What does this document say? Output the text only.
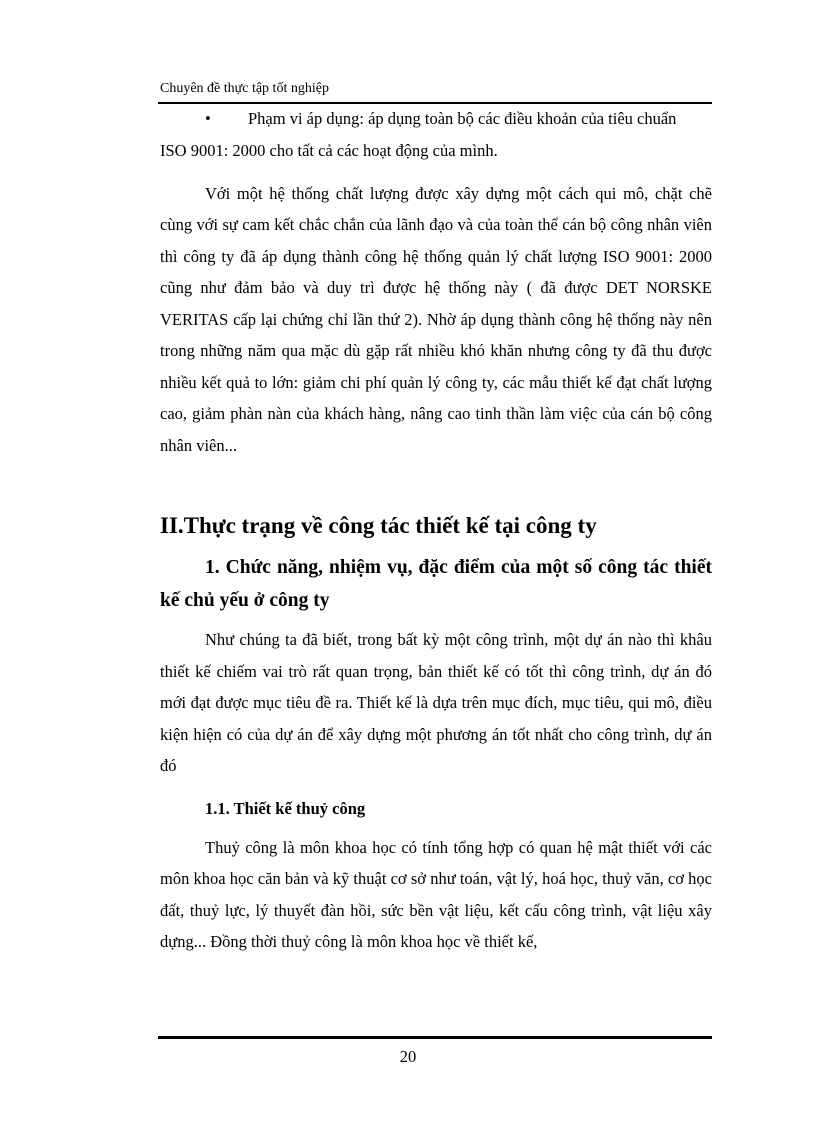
Chuyên đề thực tập tốt nghiệp
• Phạm vi áp dụng: áp dụng toàn bộ các điều khoản của tiêu chuẩn

ISO 9001: 2000 cho tất cả các hoạt động của mình.

Với một hệ thống chất lượng được xây dựng một cách qui mô, chặt chẽ cùng với sự cam kết chắc chắn của lãnh đạo và của toàn thể cán bộ công nhân viên thì công ty đã áp dụng thành công hệ thống quản lý chất lượng ISO 9001: 2000 cũng như đảm bảo và duy trì được hệ thống này ( đã được DET NORSKE VERITAS cấp lại chứng chỉ lần thứ 2). Nhờ áp dụng thành công hệ thống này nên trong những năm qua mặc dù gặp rất nhiều khó khăn nhưng công ty đã thu được nhiều kết quả to lớn: giảm chi phí quản lý công ty, các mẫu thiết kế đạt chất lượng cao, giảm phàn nàn của khách hàng, nâng cao tinh thần làm việc của cán bộ công nhân viên...

II.Thực trạng về công tác thiết kế tại công ty
1. Chức năng, nhiệm vụ, đặc điểm của một số công tác thiết kế chủ yếu ở công ty

Như chúng ta đã biết, trong bất kỳ một công trình, một dự án nào thì khâu thiết kế chiếm vai trò rất quan trọng, bản thiết kế có tốt thì công trình, dự án đó mới đạt được mục tiêu đề ra. Thiết kế là dựa trên mục đích, mục tiêu, qui mô, điều kiện hiện có của dự án để xây dựng một phương án tốt nhất cho công trình, dự án đó

1.1. Thiết kế thuỷ công

Thuỷ công là môn khoa học có tính tổng hợp có quan hệ mật thiết với các môn khoa học căn bản và kỹ thuật cơ sở như toán, vật lý, hoá học, thuỷ văn, cơ học đất, thuỷ lực, lý thuyết đàn hồi, sức bền vật liệu, kết cấu công trình, vật liệu xây dựng... Đồng thời thuỷ công là môn khoa học về thiết kế,

20
